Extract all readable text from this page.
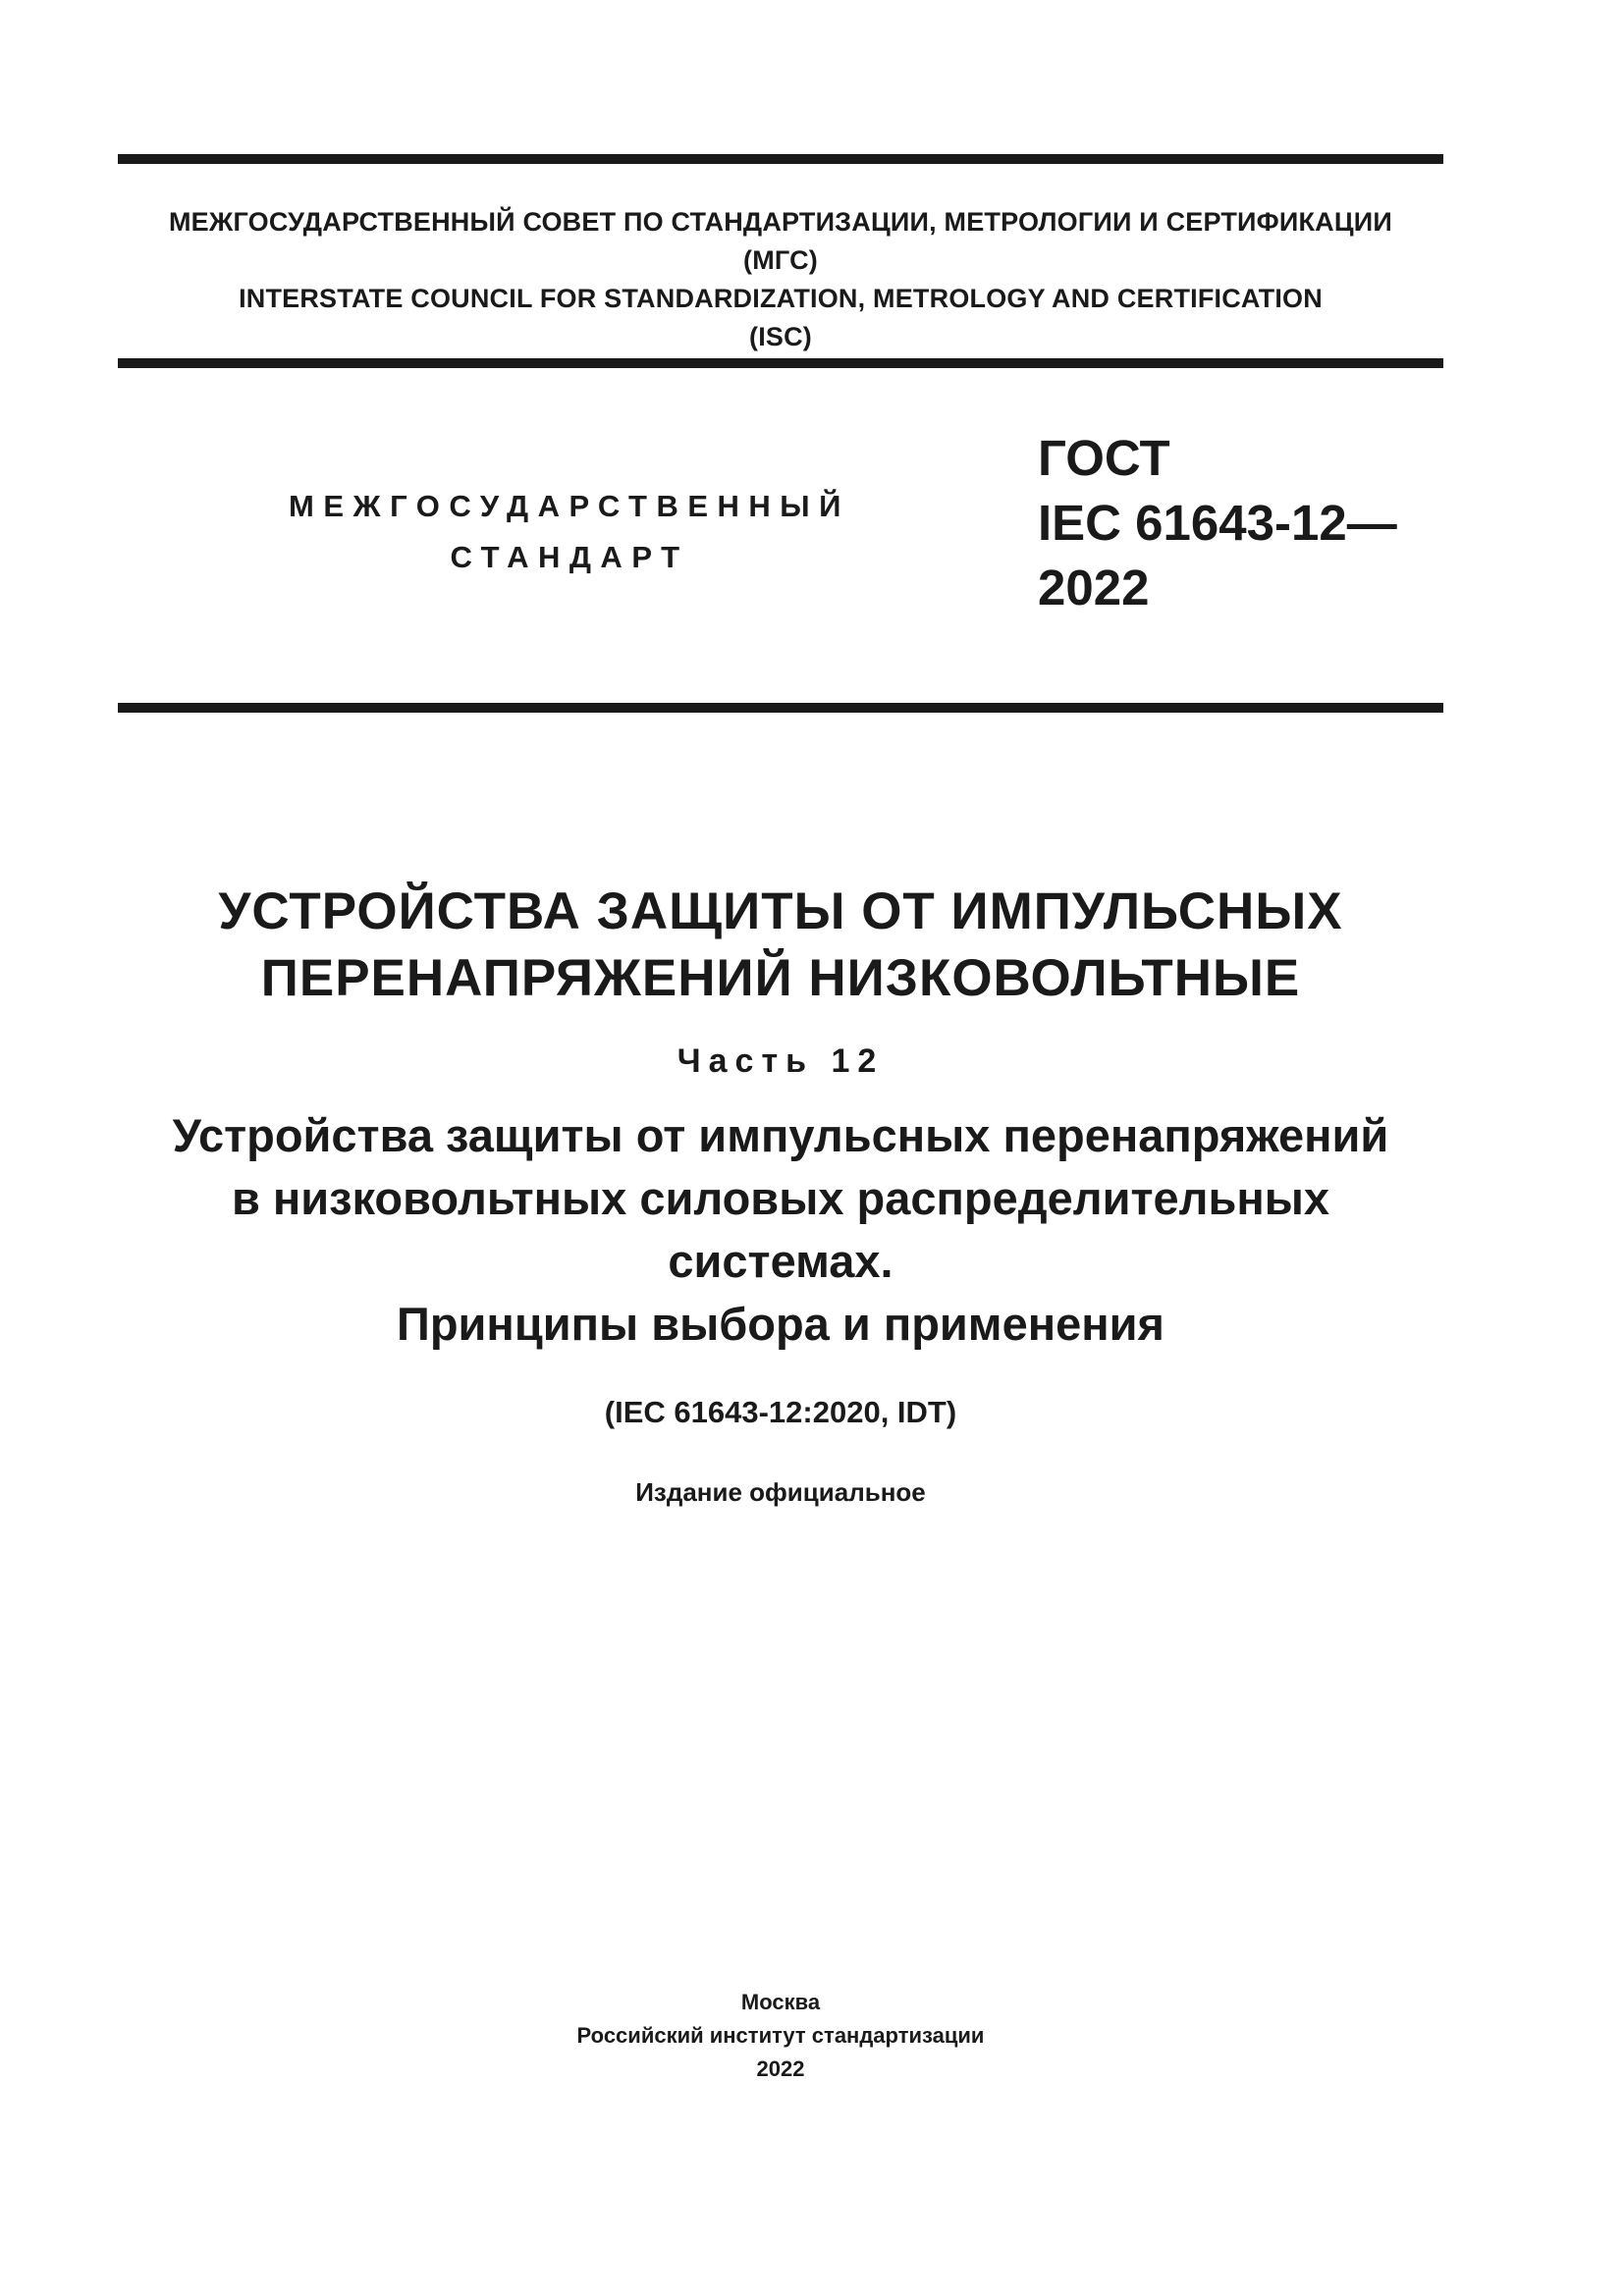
МЕЖГОСУДАРСТВЕННЫЙ СОВЕТ ПО СТАНДАРТИЗАЦИИ, МЕТРОЛОГИИ И СЕРТИФИКАЦИИ
(МГС)
INTERSTATE COUNCIL FOR STANDARDIZATION, METROLOGY AND CERTIFICATION
(ISC)
МЕЖГОСУДАРСТВЕННЫЙ
СТАНДАРТ
ГОСТ
IEC 61643-12—
2022
УСТРОЙСТВА ЗАЩИТЫ ОТ ИМПУЛЬСНЫХ
ПЕРЕНАПРЯЖЕНИЙ НИЗКОВОЛЬТНЫЕ
Часть 12
Устройства защиты от импульсных перенапряжений
в низковольтных силовых распределительных
системах.
Принципы выбора и применения
(IEC 61643-12:2020, IDT)
Издание официальное
Москва
Российский институт стандартизации
2022
